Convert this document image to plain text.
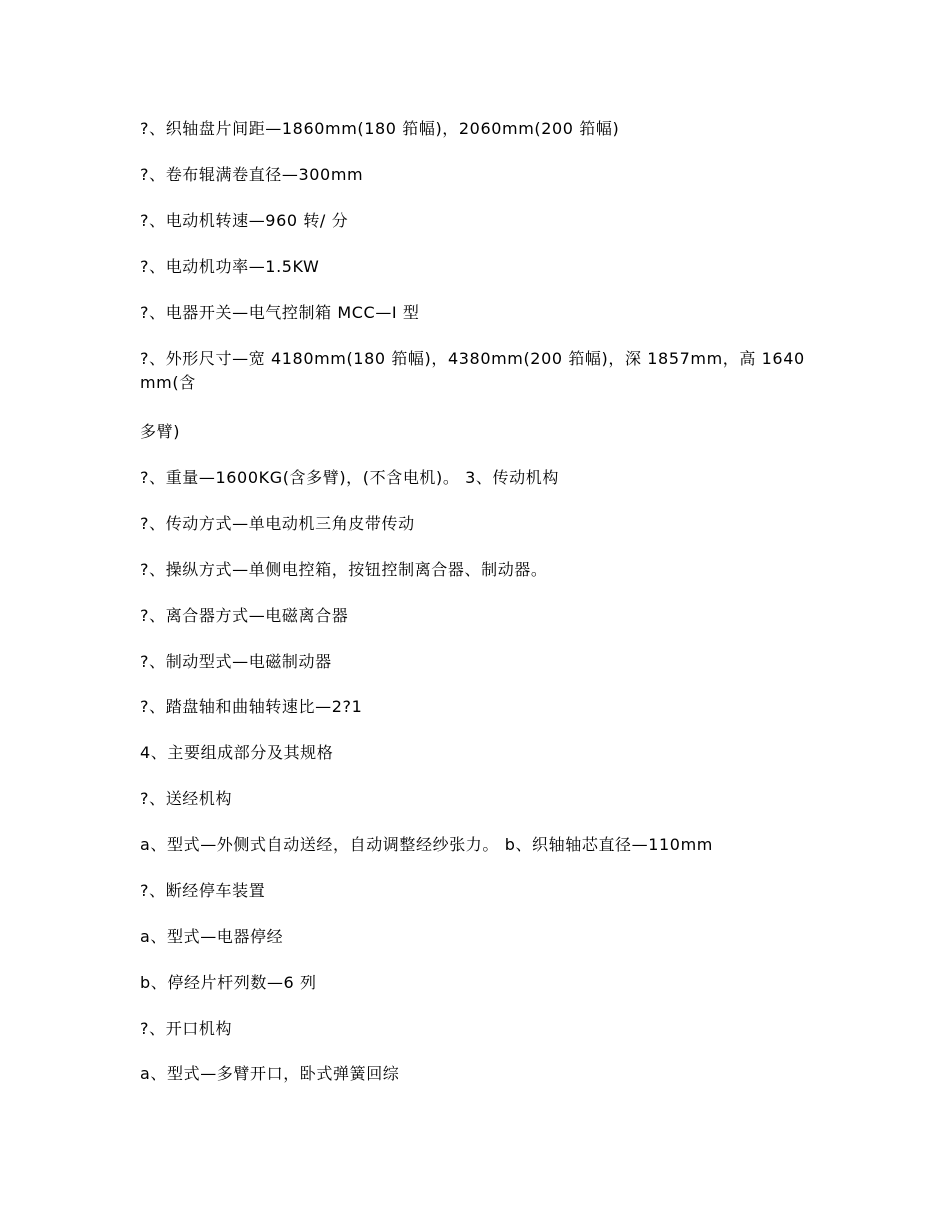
?、织轴盘片间距—1860mm(180 筘幅)，2060mm(200 筘幅)

?、卷布辊满卷直径—300mm

?、电动机转速—960 转/ 分

?、电动机功率—1.5KW

?、电器开关—电气控制箱 MCC—I 型

?、外形尺寸—宽 4180mm(180 筘幅)，4380mm(200 筘幅)，深 1857mm，高 1640mm(含

多臂)

?、重量—1600KG(含多臂)，(不含电机)。 3、传动机构

?、传动方式—单电动机三角皮带传动

?、操纵方式—单侧电控箱，按钮控制离合器、制动器。

?、离合器方式—电磁离合器

?、制动型式—电磁制动器

?、踏盘轴和曲轴转速比—2?1

4、主要组成部分及其规格

?、送经机构

a、型式—外侧式自动送经，自动调整经纱张力。 b、织轴轴芯直径—110mm

?、断经停车装置

a、型式—电器停经

b、停经片杆列数—6 列

?、开口机构

a、型式—多臂开口，卧式弹簧回综
